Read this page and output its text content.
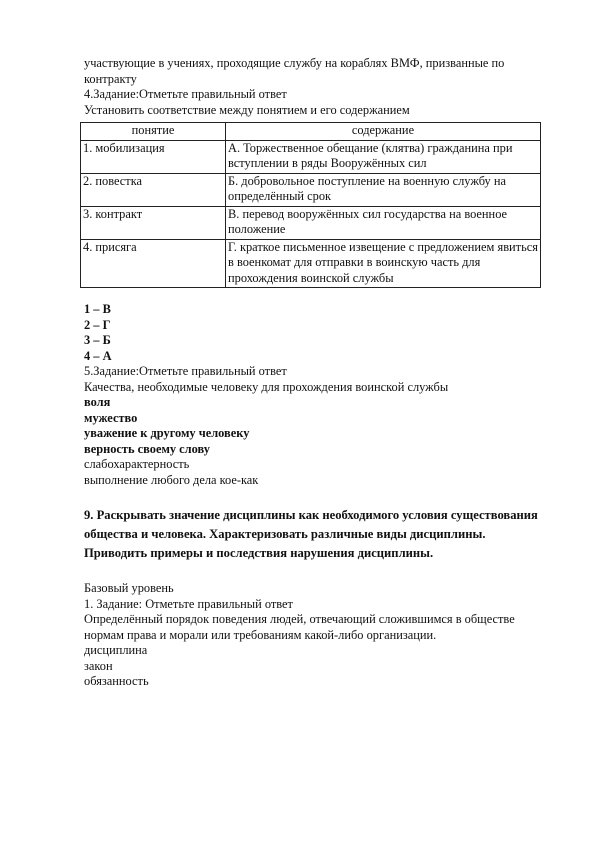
участвующие в учениях, проходящие службу на кораблях ВМФ, призванные по контракту

4.Задание:Отметьте правильный ответ

Установить соответствие между понятием и его содержанием

понятие	содержание
1. мобилизация	А. Торжественное обещание (клятва) гражданина при вступлении в ряды Вооружённых сил
2. повестка	Б. добровольное поступление на военную службу на определённый срок
3. контракт	В. перевод вооружённых сил государства на военное положение
4. присяга	Г. краткое письменное извещение с предложением явиться в военкомат для отправки в воинскую часть для прохождения воинской службы

1 – В

2 – Г

3 – Б

4 – А

5.Задание:Отметьте правильный ответ

Качества, необходимые человеку для прохождения воинской службы

воля

мужество

уважение к другому человеку

верность своему слову

слабохарактерность

выполнение любого дела кое-как

9. Раскрывать значение дисциплины как необходимого условия существования общества и человека. Характеризовать различные виды дисциплины. Приводить примеры и последствия нарушения дисциплины.

Базовый уровень

1. Задание: Отметьте правильный ответ

Определённый порядок поведения людей, отвечающий сложившимся в обществе нормам права и морали или требованиям какой-либо организации.

дисциплина

закон

обязанность
